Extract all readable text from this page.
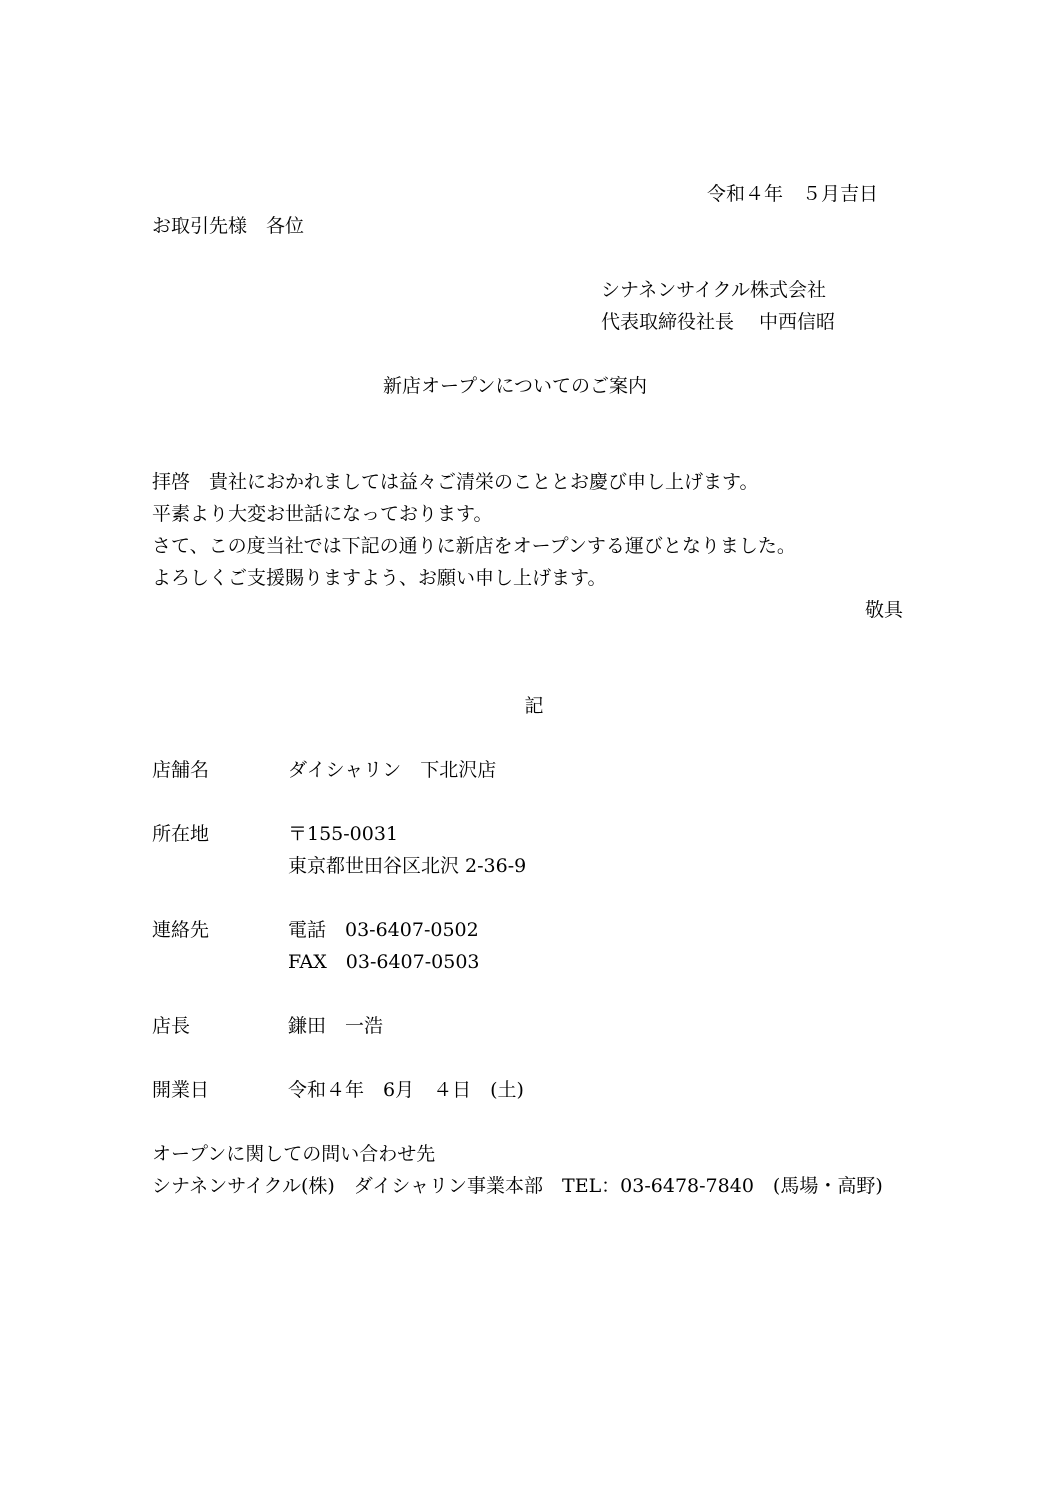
令和４年　５月吉日
お取引先様　各位
シナネンサイクル株式会社
代表取締役社長　 中西信昭
新店オープンについてのご案内
拝啓　貴社におかれましては益々ご清栄のこととお慶び申し上げます。
平素より大変お世話になっております。
さて、この度当社では下記の通りに新店をオープンする運びとなりました。
よろしくご支援賜りますよう、お願い申し上げます。
敬具
記
店舗名	ダイシャリン　下北沢店
所在地	〒155-0031
東京都世田谷区北沢 2-36-9
連絡先	電話　03-6407-0502
FAX　03-6407-0503
店長	鎌田　一浩
開業日	令和４年　6月　４日　(土)
オープンに関しての問い合わせ先
シナネンサイクル(株)　ダイシャリン事業本部　TEL：03-6478-7840　(馬場・高野)
